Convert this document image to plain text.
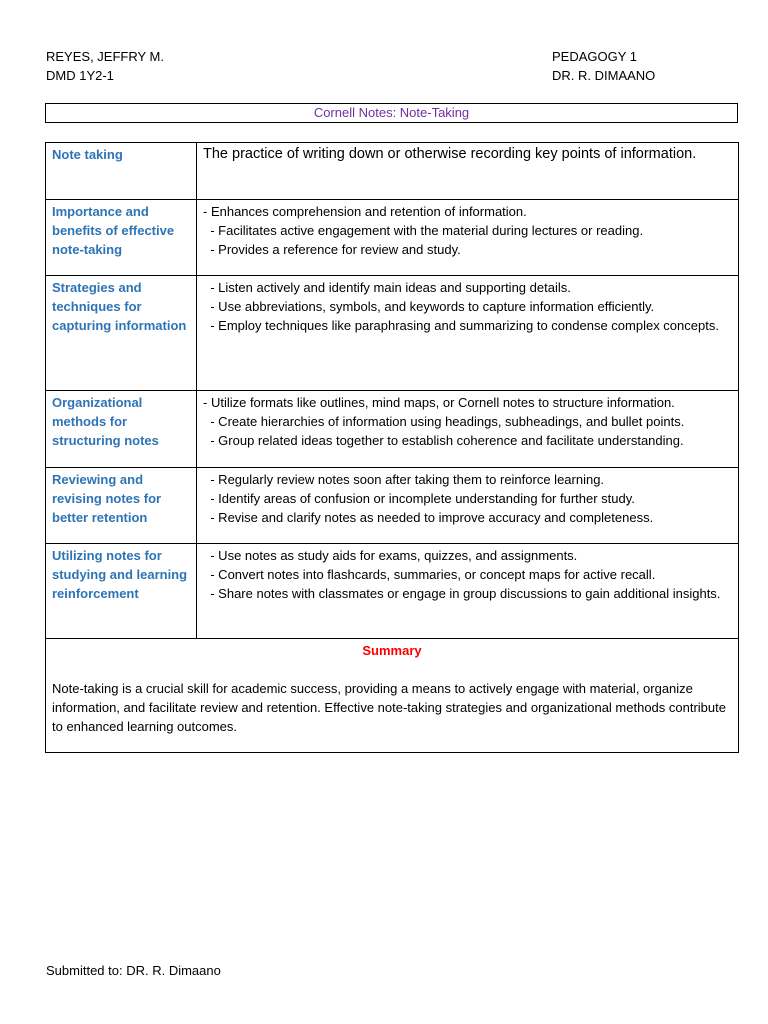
REYES, JEFFRY M.
DMD 1Y2-1
PEDAGOGY 1
DR. R. DIMAANO
Cornell Notes: Note-Taking
Note taking	The practice of writing down or otherwise recording key points of information.

Importance and benefits of effective note-taking	- Enhances comprehension and retention of information.
- Facilitates active engagement with the material during lectures or reading.
- Provides a reference for review and study.

Strategies and techniques for capturing information	- Listen actively and identify main ideas and supporting details.
- Use abbreviations, symbols, and keywords to capture information efficiently.
- Employ techniques like paraphrasing and summarizing to condense complex concepts.

Organizational methods for structuring notes	- Utilize formats like outlines, mind maps, or Cornell notes to structure information.
- Create hierarchies of information using headings, subheadings, and bullet points.
- Group related ideas together to establish coherence and facilitate understanding.

Reviewing and revising notes for better retention	- Regularly review notes soon after taking them to reinforce learning.
- Identify areas of confusion or incomplete understanding for further study.
- Revise and clarify notes as needed to improve accuracy and completeness.

Utilizing notes for studying and learning reinforcement	- Use notes as study aids for exams, quizzes, and assignments.
- Convert notes into flashcards, summaries, or concept maps for active recall.
- Share notes with classmates or engage in group discussions to gain additional insights.

Summary
Note-taking is a crucial skill for academic success, providing a means to actively engage with material, organize information, and facilitate review and retention. Effective note-taking strategies and organizational methods contribute to enhanced learning outcomes.	
Submitted to: DR. R. Dimaano
